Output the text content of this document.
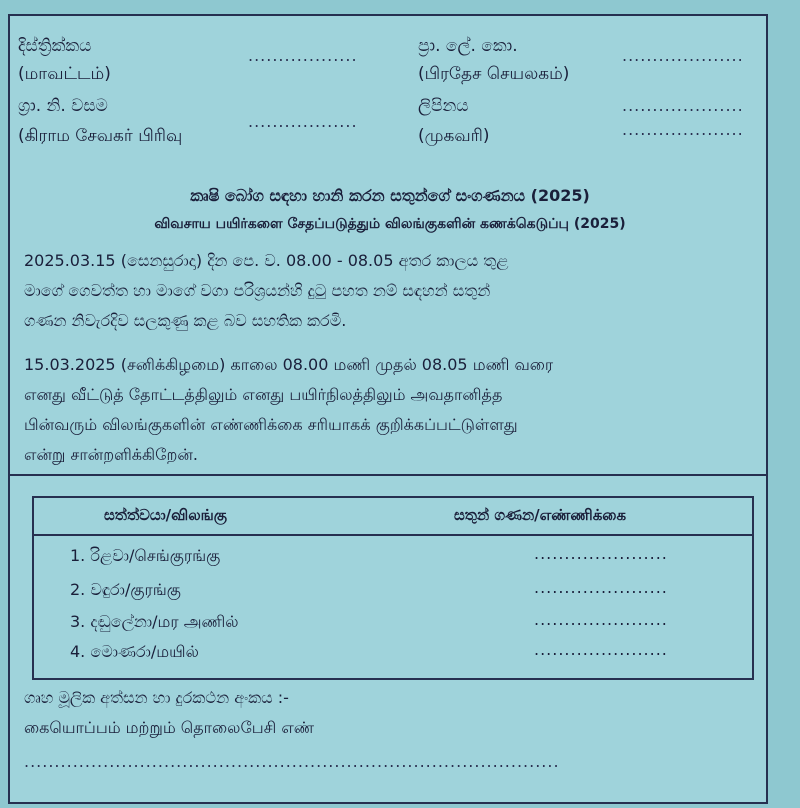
දිස්ත්‍රික්කය
(மாவட்டம்)
..................
ග්‍රා. නි. වසම
(கிராம சேவகர் பிரிவு
..................
ප්‍රා. ලේ. කො.
(பிரதேச செயலகம்)
....................
ලිපිනය
(முகவரி)
....................
....................
කෘෂි බෝග සඳහා හානි කරන සතුන්ගේ සංගණනය (2025)
விவசாய பயிர்களை சேதப்படுத்தும் விலங்குகளின் கணக்கெடுப்பு (2025)
2025.03.15 (සෙනසුරාදා) දින පෙ. ව. 08.00 - 08.05 අතර කාලය තුළ
මාගේ ගෙවත්ත හා මාගේ වගා පරිශ්‍රයන්හි දුටු පහත නම් සඳහන් සතුන්
ගණන නිවැරදිව සලකුණු කළ බව සහතික කරමි.
15.03.2025 (சனிக்கிழமை) காலை 08.00 மணி முதல் 08.05 மணி வரை
எனது வீட்டுத் தோட்டத்திலும் எனது பயிர்நிலத்திலும் அவதானித்த
பின்வரும் விலங்குகளின் எண்ணிக்கை சரியாகக் குறிக்கப்பட்டுள்ளது
என்று சான்றளிக்கிறேன்.
සත්ත්වයා/விலங்கு	සතුන් ගණන/எண்ணிக்கை
1. රිළවා/செங்குரங்கு	......................
2. වඳුරා/குரங்கு	......................
3. දඬුලේනා/மர அணில்	......................
4. මොණරා/மயில்	......................
ගෘහ මූලික අත්සන හා දුරකථන අංකය :-
கையொப்பம் மற்றும் தொலைபேசி எண்
........................................................................................
